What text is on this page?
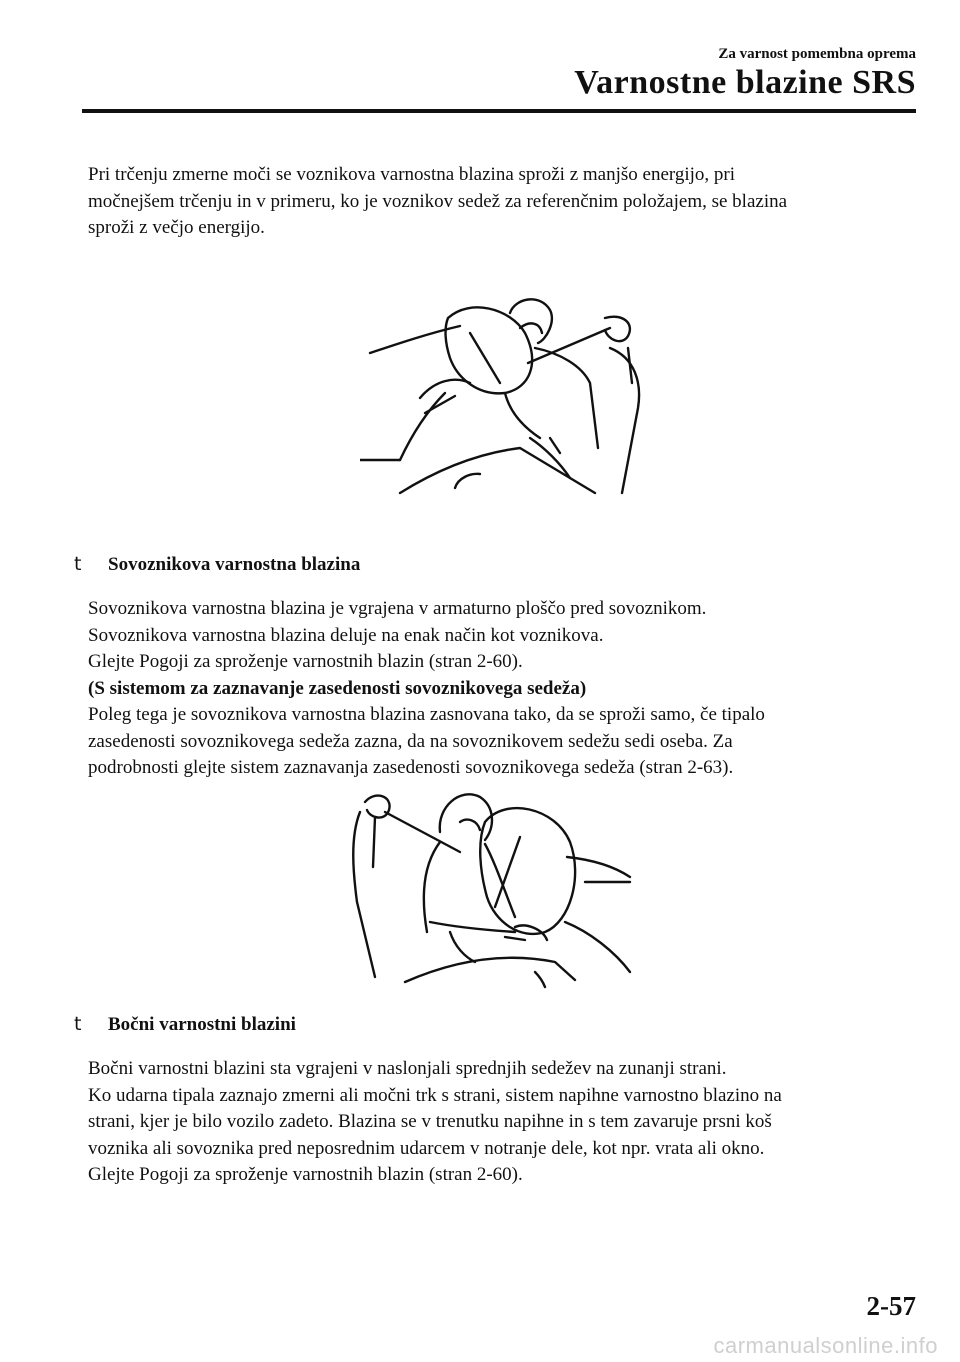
Za varnost pomembna oprema
Varnostne blazine SRS
Pri trčenju zmerne moči se voznikova varnostna blazina sproži z manjšo energijo, pri
močnejšem trčenju in v primeru, ko je voznikov sedež za referenčnim položajem, se blazina
sproži z večjo energijo.
t Sovoznikova varnostna blazina
Sovoznikova varnostna blazina je vgrajena v armaturno ploščo pred sovoznikom.
Sovoznikova varnostna blazina deluje na enak način kot voznikova.
Glejte Pogoji za sproženje varnostnih blazin (stran 2-60).
(S sistemom za zaznavanje zasedenosti sovoznikovega sedeža)
Poleg tega je sovoznikova varnostna blazina zasnovana tako, da se sproži samo, če tipalo
zasedenosti sovoznikovega sedeža zazna, da na sovoznikovem sedežu sedi oseba. Za
podrobnosti glejte sistem zaznavanja zasedenosti sovoznikovega sedeža (stran 2-63).
t Bočni varnostni blazini
Bočni varnostni blazini sta vgrajeni v naslonjali sprednjih sedežev na zunanji strani.
Ko udarna tipala zaznajo zmerni ali močni trk s strani, sistem napihne varnostno blazino na
strani, kjer je bilo vozilo zadeto. Blazina se v trenutku napihne in s tem zavaruje prsni koš
voznika ali sovoznika pred neposrednim udarcem v notranje dele, kot npr. vrata ali okno.
Glejte Pogoji za sproženje varnostnih blazin (stran 2-60).
2-57
carmanualsonline.info
